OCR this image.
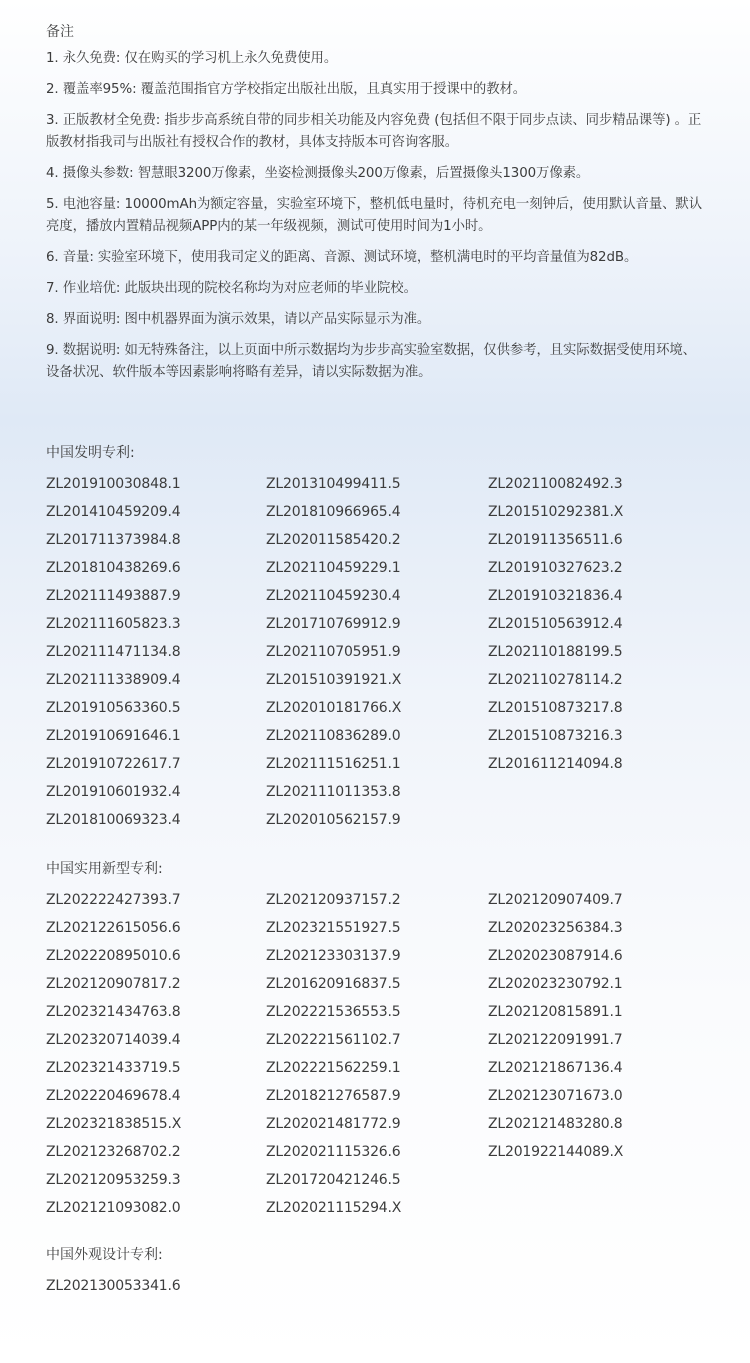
备注
1. 永久免费: 仅在购买的学习机上永久免费使用。
2. 覆盖率95%: 覆盖范围指官方学校指定出版社出版，且真实用于授课中的教材。
3. 正版教材全免费: 指步步高系统自带的同步相关功能及内容免费 (包括但不限于同步点读、同步精品课等) 。正版教材指我司与出版社有授权合作的教材，具体支持版本可咨询客服。
4. 摄像头参数: 智慧眼3200万像素，坐姿检测摄像头200万像素，后置摄像头1300万像素。
5. 电池容量: 10000mAh为额定容量，实验室环境下，整机低电量时，待机充电一刻钟后，使用默认音量、默认亮度，播放内置精品视频APP内的某一年级视频，测试可使用时间为1小时。
6. 音量: 实验室环境下，使用我司定义的距离、音源、测试环境，整机满电时的平均音量值为82dB。
7. 作业培优: 此版块出现的院校名称均为对应老师的毕业院校。
8. 界面说明: 图中机器界面为演示效果，请以产品实际显示为准。
9. 数据说明: 如无特殊备注，以上页面中所示数据均为步步高实验室数据，仅供参考，且实际数据受使用环境、设备状况、软件版本等因素影响将略有差异，请以实际数据为准。
中国发明专利:
ZL201910030848.1	ZL201310499411.5	ZL202110082492.3
ZL201410459209.4	ZL201810966965.4	ZL201510292381.X
ZL201711373984.8	ZL202011585420.2	ZL201911356511.6
ZL201810438269.6	ZL202110459229.1	ZL201910327623.2
ZL202111493887.9	ZL202110459230.4	ZL201910321836.4
ZL202111605823.3	ZL201710769912.9	ZL201510563912.4
ZL202111471134.8	ZL202110705951.9	ZL202110188199.5
ZL202111338909.4	ZL201510391921.X	ZL202110278114.2
ZL201910563360.5	ZL202010181766.X	ZL201510873217.8
ZL201910691646.1	ZL202110836289.0	ZL201510873216.3
ZL201910722617.7	ZL202111516251.1	ZL201611214094.8
ZL201910601932.4	ZL202111011353.8
ZL201810069323.4	ZL202010562157.9
中国实用新型专利:
ZL202222427393.7	ZL202120937157.2	ZL202120907409.7
ZL202122615056.6	ZL202321551927.5	ZL202023256384.3
ZL202220895010.6	ZL202123303137.9	ZL202023087914.6
ZL202120907817.2	ZL201620916837.5	ZL202023230792.1
ZL202321434763.8	ZL202221536553.5	ZL202120815891.1
ZL202320714039.4	ZL202221561102.7	ZL202122091991.7
ZL202321433719.5	ZL202221562259.1	ZL202121867136.4
ZL202220469678.4	ZL201821276587.9	ZL202123071673.0
ZL202321838515.X	ZL202021481772.9	ZL202121483280.8
ZL202123268702.2	ZL202021115326.6	ZL201922144089.X
ZL202120953259.3	ZL201720421246.5
ZL202121093082.0	ZL202021115294.X
中国外观设计专利:
ZL202130053341.6
